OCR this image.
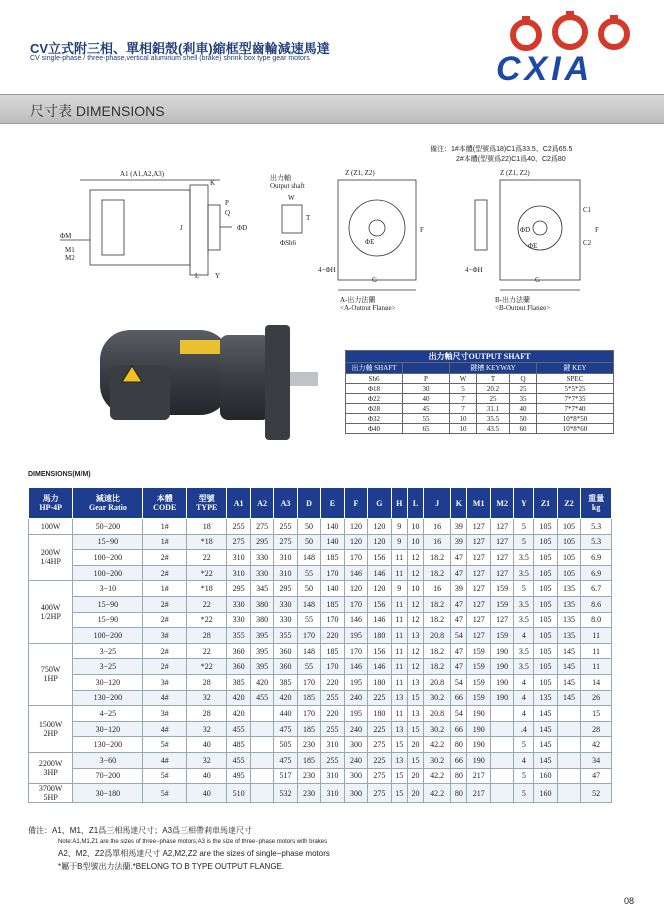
CV立式附三相、單相鋁殼(剎車)縮框型齒輪減速馬達
CV single-phase / three-phase,vertical aluminum shell (brake) shrink box type gear motors	CXIA
尺寸表 DIMENSIONS
備注：1#本體(型號爲18)C1爲33.5、C2爲65.5
2#本體(型號爲22)C1爲40、C2爲80
A1 (A1,A2,A3)
K
出力軸 Output shaft
Z (Z1, Z2)	Z (Z1, Z2)
F	F
C1
C2
ΦD	ΦD
ΦE	ΦE
ΦM
M1
M2
J
P
Q
W
T
ΦSh6
4−ΦH	4−ΦH
G	G
L Y
A-出力法蘭<A-Output Flange>
B-出力法蘭<B-Output Flange>
出力軸尺寸OUTPUT SHAFT					
出力軸 SHAFT		鍵槽 KEYWAY			鍵 KEY
Sh6	P	W	T	Q	SPEC
Φ18	30	5	20.2	25	5*5*25
Φ22	40	7	25	35	7*7*35
Φ28	45	7	31.1	40	7*7*40
Φ32	55	10	35.5	50	10*8*50
Φ40	65	10	43.5	60	10*8*60
DIMENSIONS(M/M)
馬力
HP-4P	減速比
Gear Ratio	本體
CODE	型號
TYPE	A1	A2	A3	D	E	F	G	H	L	J	K	M1	M2	Y	Z1	Z2	重量
kg
100W	50−200	1#	18	255	275	255	50	140	120	120	9	10	16	39	127	127	5	105	105	5.3
200W
1/4HP	15−90	1#	*18	275	295	275	50	140	120	120	9	10	16	39	127	127	5	105	105	5.3
	100−200	2#	22	310	330	310	148	185	170	156	11	12	18.2	47	127	127	3.5	105	105	6.9
	100−200	2#	*22	310	330	310	55	170	146	146	11	12	18.2	47	127	127	3.5	105	105	6.9
400W
1/2HP	3−10	1#	*18	295	345	295	50	140	120	120	9	10	16	39	127	159	5	105	135	6.7
	15−90	2#	22	330	380	330	148	185	170	156	11	12	18.2	47	127	159	3.5	105	135	8.6
	15−90	2#	*22	330	380	330	55	170	146	146	11	12	18.2	47	127	127	3.5	105	135	8.0
	100−200	3#	28	355	395	355	170	220	195	180	11	13	20.8	54	127	159	4	105	135	11
750W
1HP	3−25	2#	22	360	395	360	148	185	170	156	11	12	18.2	47	159	190	3.5	105	145	11
	3−25	2#	*22	360	395	360	55	170	146	146	11	12	18.2	47	159	190	3.5	105	145	11
	30−120	3#	28	385	420	385	170	220	195	180	11	13	20.8	54	159	190	4	105	145	14
	130−200	4#	32	420	455	420	185	255	240	225	13	15	30.2	66	159	190	4	135	145	26
1500W
2HP	4−25	3#	28	420		440	170	220	195	180	11	13	20.8	54	190		4	145		15
	30−120	4#	32	455		475	185	255	240	225	13	15	30.2	66	190		.4	145		28
	130−200	5#	40	485		505	230	310	300	275	15	20	42.2	80	190		5	145		42
2200W
3HP	3−60	4#	32	455		475	185	255	240	225	13	15	30.2	66	190		4	145		34
	70−200	5#	40	495		517	230	310	300	275	15	20	42.2	80	217		5	160		47
3700W
5HP	30−180	5#	40	510		532	230	310	300	275	15	20	42.2	80	217		5	160		52
備注：A1、M1、Z1爲三相馬達尺寸；A3爲三相帶剎車馬達尺寸
Note:A1,M1,Z1 are the sizes of three−phase motors;A3 is the size of three−phase motors with brakes
A2、M2、Z2爲單相馬達尺寸 A2,M2,Z2 are the sizes of single−phase motors
*屬于B型號出力法蘭.*BELONG TO B TYPE OUTPUT FLANGE.
08
